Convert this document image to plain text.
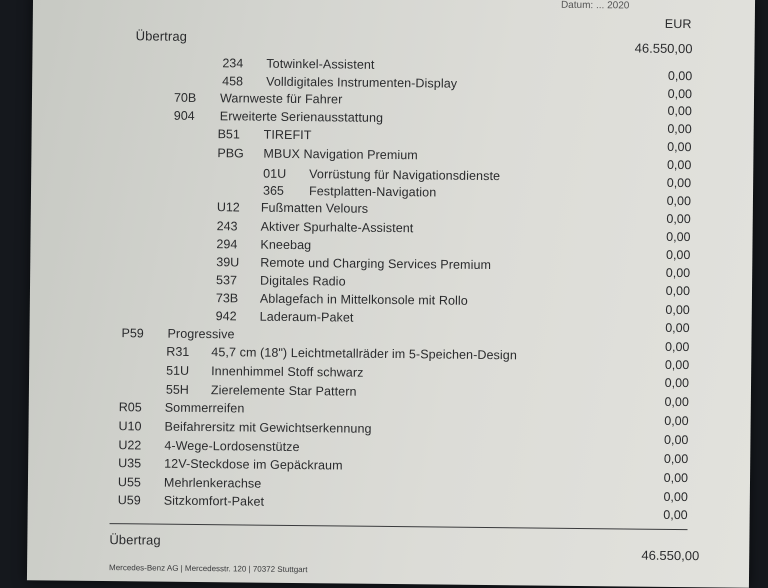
Datum: ... 2020
EUR
Übertrag
46.550,00
234 Totwinkel-Assistent
0,00
458 Volldigitales Instrumenten-Display
0,00
70B Warnweste für Fahrer
0,00
904 Erweiterte Serienausstattung
0,00
B51 TIREFIT
0,00
PBG MBUX Navigation Premium
0,00
01U Vorrüstung für Navigationsdienste	0,00
365 Festplatten-Navigation
0,00
U12 Fußmatten Velours
0,00
243 Aktiver Spurhalte-Assistent
0,00
294 Kneebag
0,00
39U Remote und Charging Services Premium
0,00
537 Digitales Radio
0,00
73B Ablagefach in Mittelkonsole mit Rollo
0,00
942 Laderaum-Paket
0,00
P59 Progressive
0,00
R31 45,7 cm (18") Leichtmetallräder im 5-Speichen-Design
0,00
51U Innenhimmel Stoff schwarz
0,00
55H Zierelemente Star Pattern
0,00
R05 Sommerreifen
0,00
U10 Beifahrersitz mit Gewichtserkennung
0,00
U22 4-Wege-Lordosenstütze
0,00
U35 12V-Steckdose im Gepäckraum
0,00
U55 Mehrlenkerachse
0,00
U59 Sitzkomfort-Paket
0,00
Übertrag
46.550,00
Mercedes-Benz AG | Mercedesstr. 120 | 70372 Stuttgart
